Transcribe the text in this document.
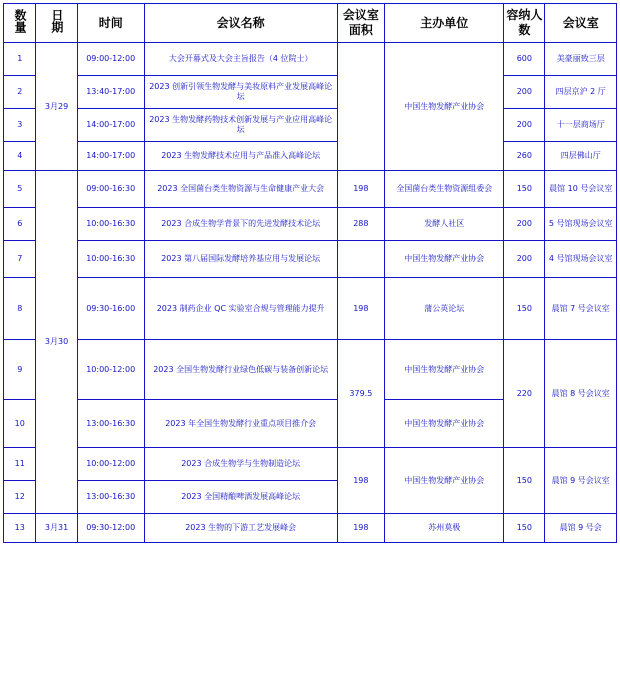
数量	日期	时间	会议名称	会议室面积	主办单位	容纳人数	会议室
1	3月29	09:00-12:00	大会开幕式及大会主旨报告（4 位院士）		中国生物发酵产业协会	600	美豪丽致三层
2		13:40-17:00	2023 创新引领生物发酵与美妆原料产业发展高峰论坛			200	四层京沪 2 厅
3		14:00-17:00	2023 生物发酵药物技术创新发展与产业应用高峰论坛			200	十一层商场厅
4		14:00-17:00	2023 生物发酵技术应用与产品准入高峰论坛			260	四层佛山厅
5	3月30	09:00-16:30	2023 全国菌台类生物资源与生命健康产业大会	198	全国菌台类生物资源组委会	150	晨馆 10 号会议室
6		10:00-16:30	2023 合成生物学背景下的先进发酵技术论坛	288	发酵人社区	200	5 号馆现场会议室
7		10:00-16:30	2023 第八届国际发酵培养基应用与发展论坛		中国生物发酵产业协会	200	4 号馆现场会议室
8		09:30-16:00	2023 制药企业 QC 实验室合规与管理能力提升	198	蒲公英论坛	150	晨馆 7 号会议室
9		10:00-12:00	2023 全国生物发酵行业绿色低碳与装备创新论坛	379.5	中国生物发酵产业协会	220	晨馆 8 号会议室
10		13:00-16:30	2023 年全国生物发酵行业重点项目推介会		中国生物发酵产业协会		
11		10:00-12:00	2023 合成生物学与生物制造论坛	198	中国生物发酵产业协会	150	晨馆 9 号会议室
12		13:00-16:30	2023 全国精酿啤酒发展高峰论坛				
13	3月31	09:30-12:00	2023 生物的下游工艺发展峰会	198	苏州莫极	150	晨馆 9 号会
